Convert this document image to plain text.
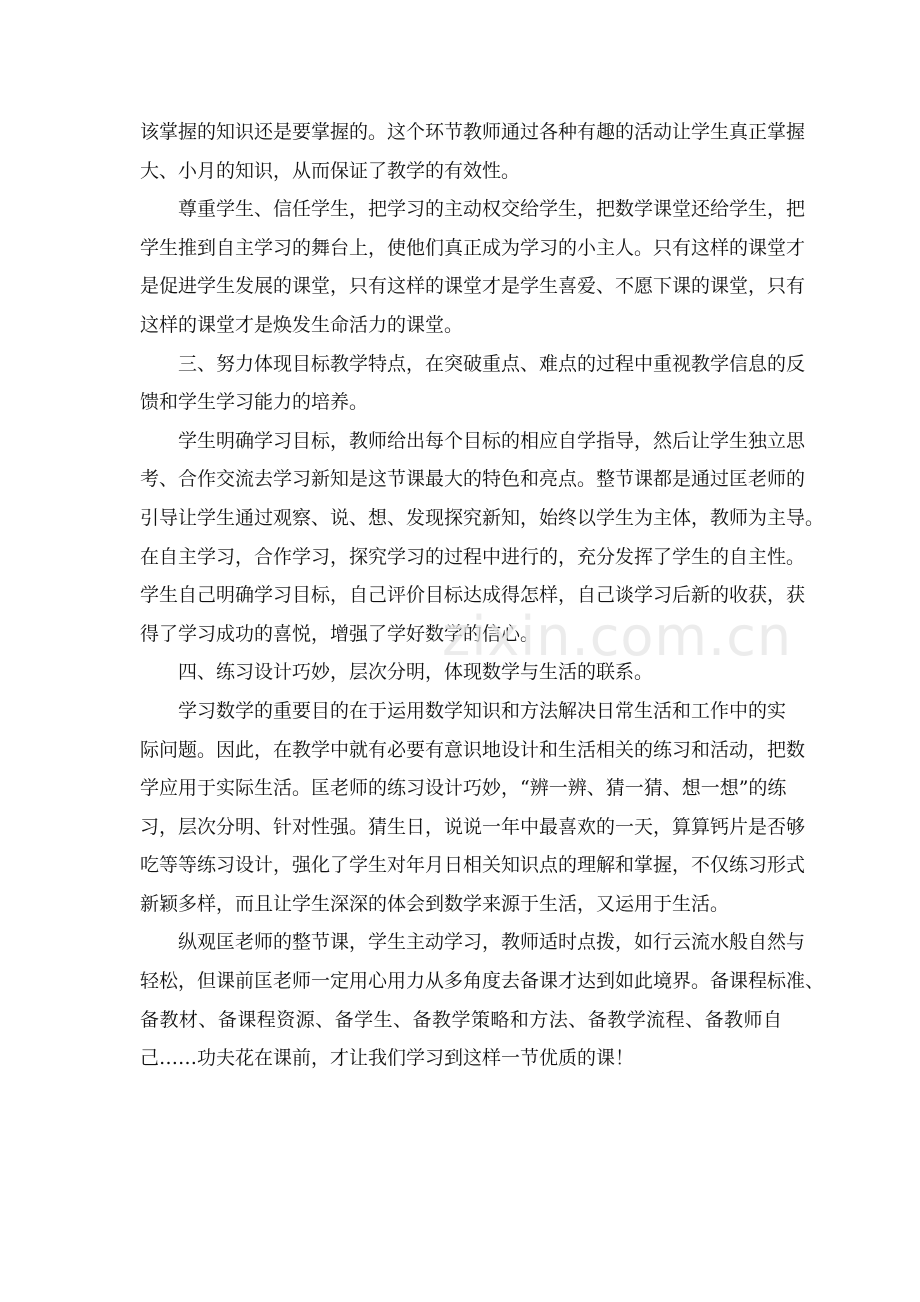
该掌握的知识还是要掌握的。这个环节教师通过各种有趣的活动让学生真正掌握
大、小月的知识，从而保证了教学的有效性。
尊重学生、信任学生，把学习的主动权交给学生，把数学课堂还给学生，把
学生推到自主学习的舞台上，使他们真正成为学习的小主人。只有这样的课堂才
是促进学生发展的课堂，只有这样的课堂才是学生喜爱、不愿下课的课堂，只有
这样的课堂才是焕发生命活力的课堂。
三、努力体现目标教学特点，在突破重点、难点的过程中重视教学信息的反
馈和学生学习能力的培养。
学生明确学习目标，教师给出每个目标的相应自学指导，然后让学生独立思
考、合作交流去学习新知是这节课最大的特色和亮点。整节课都是通过匡老师的
引导让学生通过观察、说、想、发现探究新知，始终以学生为主体，教师为主导。
在自主学习，合作学习，探究学习的过程中进行的，充分发挥了学生的自主性。
学生自己明确学习目标，自己评价目标达成得怎样，自己谈学习后新的收获，获
得了学习成功的喜悦，增强了学好数学的信心。
四、练习设计巧妙，层次分明，体现数学与生活的联系。
学习数学的重要目的在于运用数学知识和方法解决日常生活和工作中的实
际问题。因此，在教学中就有必要有意识地设计和生活相关的练习和活动，把数
学应用于实际生活。匡老师的练习设计巧妙，“辨一辨、猜一猜、想一想”的练
习，层次分明、针对性强。猜生日，说说一年中最喜欢的一天，算算钙片是否够
吃等等练习设计，强化了学生对年月日相关知识点的理解和掌握，不仅练习形式
新颖多样，而且让学生深深的体会到数学来源于生活，又运用于生活。
纵观匡老师的整节课，学生主动学习，教师适时点拨，如行云流水般自然与
轻松，但课前匡老师一定用心用力从多角度去备课才达到如此境界。备课程标准、
备教材、备课程资源、备学生、备教学策略和方法、备教学流程、备教师自
己……功夫花在课前，才让我们学习到这样一节优质的课！
zixin.com.cn
